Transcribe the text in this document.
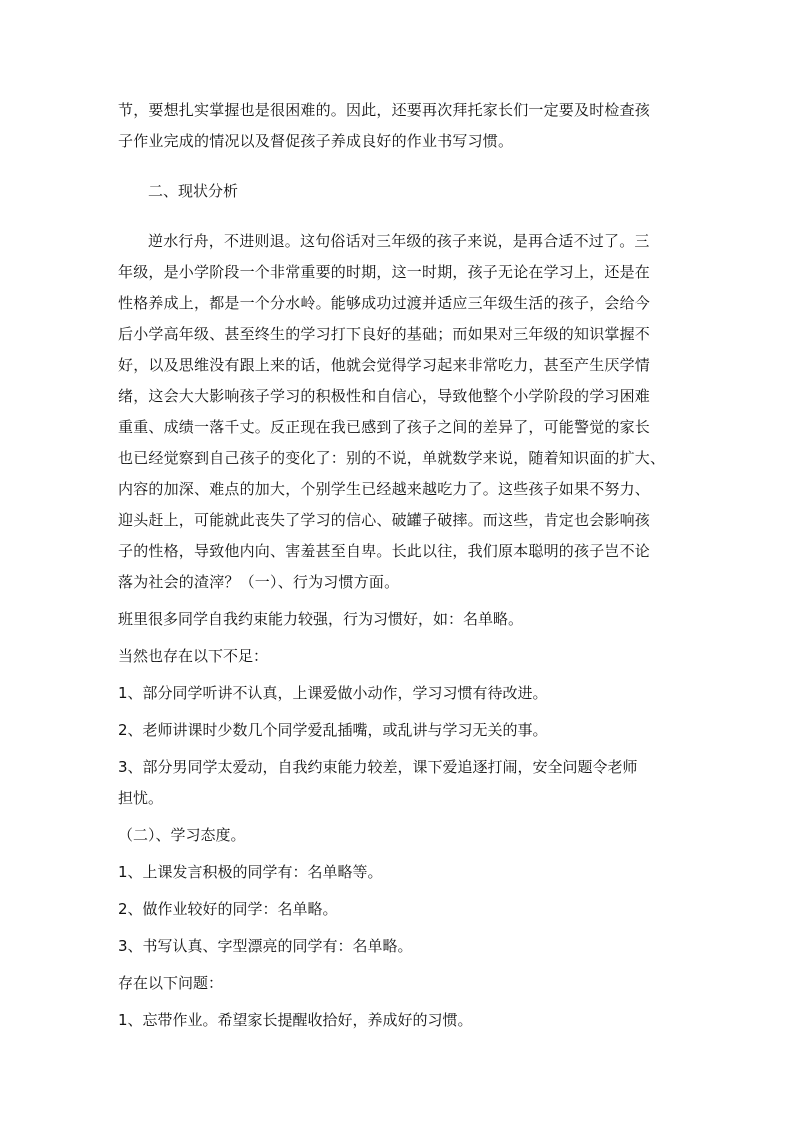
节，要想扎实掌握也是很困难的。因此，还要再次拜托家长们一定要及时检查孩
子作业完成的情况以及督促孩子养成良好的作业书写习惯。
二、现状分析
逆水行舟，不进则退。这句俗话对三年级的孩子来说，是再合适不过了。三
年级，是小学阶段一个非常重要的时期，这一时期，孩子无论在学习上，还是在
性格养成上，都是一个分水岭。能够成功过渡并适应三年级生活的孩子，会给今
后小学高年级、甚至终生的学习打下良好的基础；而如果对三年级的知识掌握不
好，以及思维没有跟上来的话，他就会觉得学习起来非常吃力，甚至产生厌学情
绪，这会大大影响孩子学习的积极性和自信心，导致他整个小学阶段的学习困难
重重、成绩一落千丈。反正现在我已感到了孩子之间的差异了，可能警觉的家长
也已经觉察到自己孩子的变化了：别的不说，单就数学来说，随着知识面的扩大、
内容的加深、难点的加大，个别学生已经越来越吃力了。这些孩子如果不努力、
迎头赶上，可能就此丧失了学习的信心、破罐子破摔。而这些，肯定也会影响孩
子的性格，导致他内向、害羞甚至自卑。长此以往，我们原本聪明的孩子岂不论
落为社会的渣滓？（一）、行为习惯方面。
班里很多同学自我约束能力较强，行为习惯好，如：名单略。
当然也存在以下不足：
1、部分同学听讲不认真，上课爱做小动作，学习习惯有待改进。
2、老师讲课时少数几个同学爱乱插嘴，或乱讲与学习无关的事。
3、部分男同学太爱动，自我约束能力较差，课下爱追逐打闹，安全问题令老师
担忧。
（二）、学习态度。
1、上课发言积极的同学有：名单略等。
2、做作业较好的同学：名单略。
3、书写认真、字型漂亮的同学有：名单略。
存在以下问题：
1、忘带作业。希望家长提醒收拾好，养成好的习惯。
